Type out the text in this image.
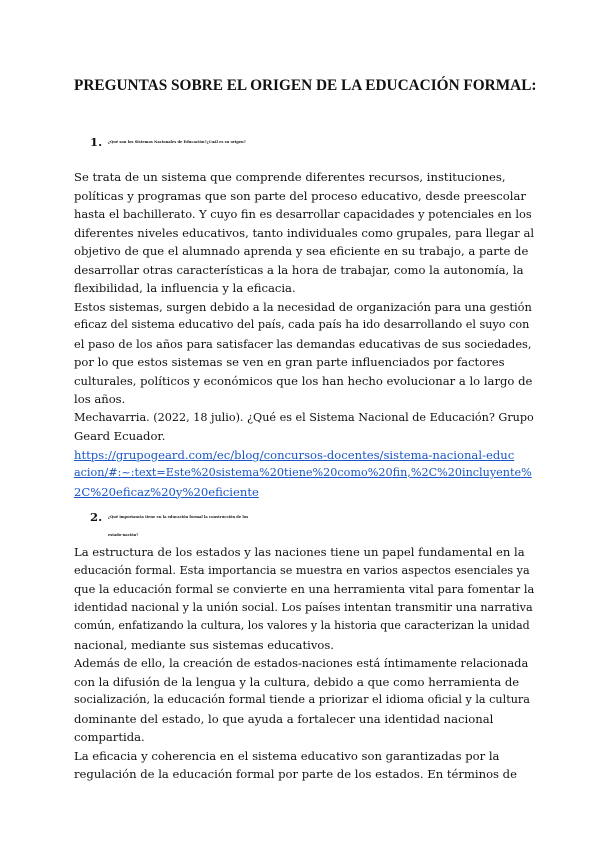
PREGUNTAS SOBRE EL ORIGEN DE LA EDUCACIÓN FORMAL:
1.	¿Qué son los Sistemas Nacionales de Educación?¿Cuál es su origen?
Se trata de un sistema que comprende diferentes recursos, instituciones,
políticas y programas que son parte del proceso educativo, desde preescolar
hasta el bachillerato. Y cuyo fin es desarrollar capacidades y potenciales en los
diferentes niveles educativos, tanto individuales como grupales, para llegar al
objetivo de que el alumnado aprenda y sea eficiente en su trabajo, a parte de
desarrollar otras características a la hora de trabajar, como la autonomía, la
flexibilidad, la influencia y la eficacia.
Estos sistemas, surgen debido a la necesidad de organización para una gestión
eficaz del sistema educativo del país, cada país ha ido desarrollando el suyo con
el paso de los años para satisfacer las demandas educativas de sus sociedades,
por lo que estos sistemas se ven en gran parte influenciados por factores
culturales, políticos y económicos que los han hecho evolucionar a lo largo de
los años.
Mechavarria. (2022, 18 julio). ¿Qué es el Sistema Nacional de Educación? Grupo
Geard Ecuador.
https://grupogeard.com/ec/blog/concursos-docentes/sistema-nacional-educ
acion/#:~:text=Este%20sistema%20tiene%20como%20fin,%2C%20incluyente%
2C%20eficaz%20y%20eficiente
2.	¿Qué importancia tiene en la educación formal la construcción de los
estado-nación?
La estructura de los estados y las naciones tiene un papel fundamental en la
educación formal. Esta importancia se muestra en varios aspectos esenciales ya
que la educación formal se convierte en una herramienta vital para fomentar la
identidad nacional y la unión social. Los países intentan transmitir una narrativa
común, enfatizando la cultura, los valores y la historia que caracterizan la unidad
nacional, mediante sus sistemas educativos.
Además de ello, la creación de estados-naciones está íntimamente relacionada
con la difusión de la lengua y la cultura, debido a que como herramienta de
socialización, la educación formal tiende a priorizar el idioma oficial y la cultura
dominante del estado, lo que ayuda a fortalecer una identidad nacional
compartida.
La eficacia y coherencia en el sistema educativo son garantizadas por la
regulación de la educación formal por parte de los estados. En términos de
